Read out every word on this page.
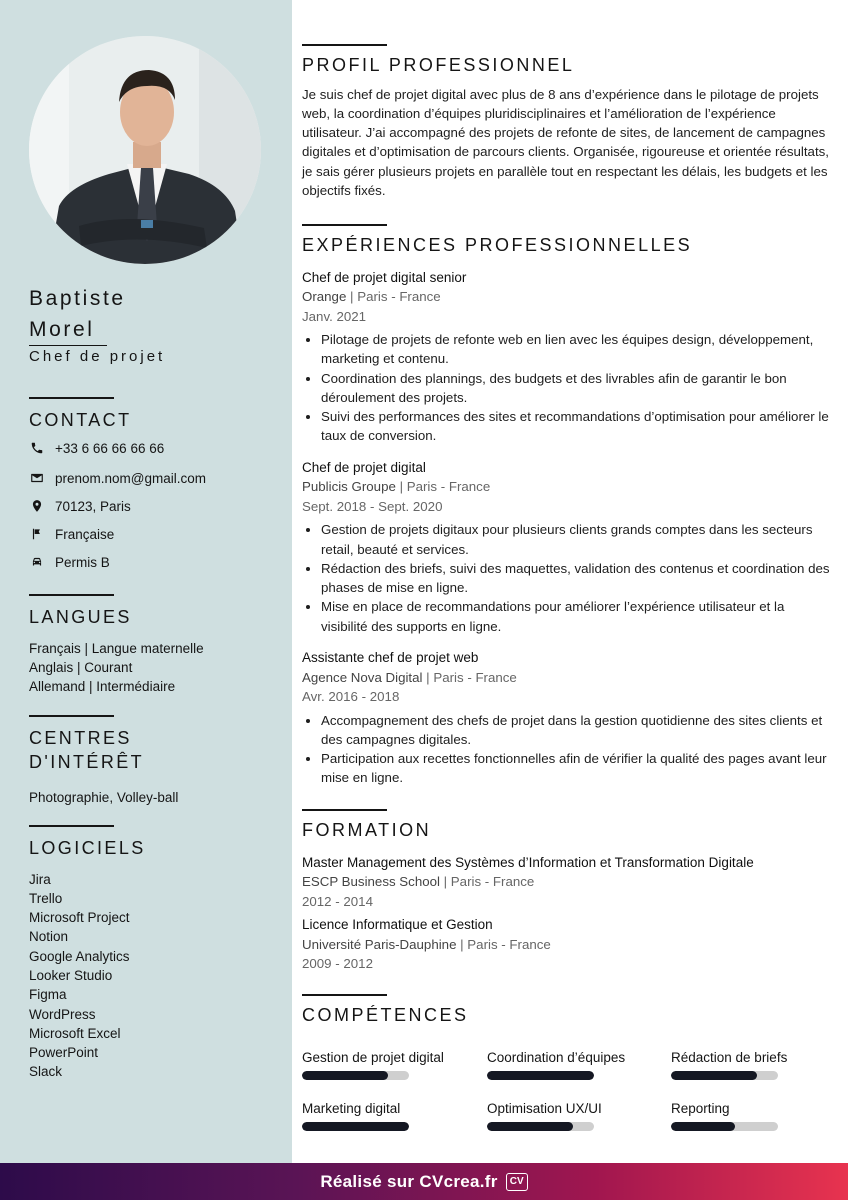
Baptiste
Morel
Chef de projet
CONTACT
+33 6 66 66 66 66
prenom.nom@gmail.com
70123, Paris
Française
Permis B
LANGUES
Français | Langue maternelle
Anglais | Courant
Allemand | Intermédiaire
CENTRES
D'INTÉRÊT
Photographie, Volley-ball
LOGICIELS
Jira
Trello
Microsoft Project
Notion
Google Analytics
Looker Studio
Figma
WordPress
Microsoft Excel
PowerPoint
Slack
PROFIL PROFESSIONNEL
Je suis chef de projet digital avec plus de 8 ans d’expérience dans le pilotage de projets web, la coordination d’équipes pluridisciplinaires et l’amélioration de l’expérience utilisateur. J’ai accompagné des projets de refonte de sites, de lancement de campagnes digitales et d’optimisation de parcours clients. Organisée, rigoureuse et orientée résultats, je sais gérer plusieurs projets en parallèle tout en respectant les délais, les budgets et les objectifs fixés.
EXPÉRIENCES PROFESSIONNELLES
Chef de projet digital senior
Orange | Paris - France
Janv. 2021
Pilotage de projets de refonte web en lien avec les équipes design, développement, marketing et contenu.
Coordination des plannings, des budgets et des livrables afin de garantir le bon déroulement des projets.
Suivi des performances des sites et recommandations d’optimisation pour améliorer le taux de conversion.
Chef de projet digital
Publicis Groupe | Paris - France
Sept. 2018 - Sept. 2020
Gestion de projets digitaux pour plusieurs clients grands comptes dans les secteurs retail, beauté et services.
Rédaction des briefs, suivi des maquettes, validation des contenus et coordination des phases de mise en ligne.
Mise en place de recommandations pour améliorer l’expérience utilisateur et la visibilité des supports en ligne.
Assistante chef de projet web
Agence Nova Digital | Paris - France
Avr. 2016 - 2018
Accompagnement des chefs de projet dans la gestion quotidienne des sites clients et des campagnes digitales.
Participation aux recettes fonctionnelles afin de vérifier la qualité des pages avant leur mise en ligne.
FORMATION
Master Management des Systèmes d’Information et Transformation Digitale
ESCP Business School | Paris - France
2012 - 2014
Licence Informatique et Gestion
Université Paris-Dauphine | Paris - France
2009 - 2012
COMPÉTENCES
Gestion de projet digital	Coordination d’équipes	Rédaction de briefs
Marketing digital	Optimisation UX/UI	Reporting
Réalisé sur CVcrea.fr	CV
